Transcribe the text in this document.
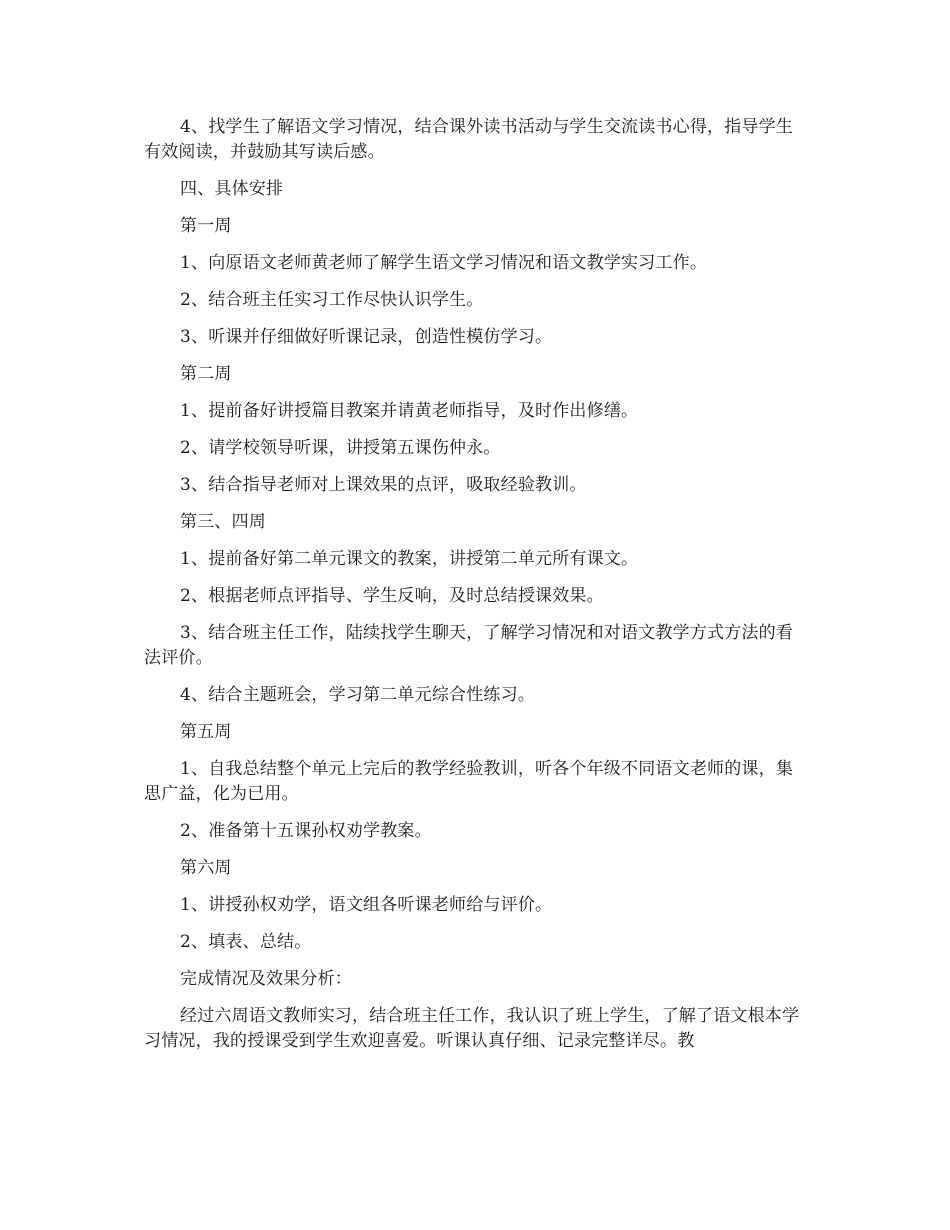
4、找学生了解语文学习情况，结合课外读书活动与学生交流读书心得，指导学生有效阅读，并鼓励其写读后感。

四、具体安排

第一周

1、向原语文老师黄老师了解学生语文学习情况和语文教学实习工作。

2、结合班主任实习工作尽快认识学生。

3、听课并仔细做好听课记录，创造性模仿学习。

第二周

1、提前备好讲授篇目教案并请黄老师指导，及时作出修缮。

2、请学校领导听课，讲授第五课伤仲永。

3、结合指导老师对上课效果的点评，吸取经验教训。

第三、四周

1、提前备好第二单元课文的教案，讲授第二单元所有课文。

2、根据老师点评指导、学生反响，及时总结授课效果。

3、结合班主任工作，陆续找学生聊天，了解学习情况和对语文教学方式方法的看法评价。

4、结合主题班会，学习第二单元综合性练习。

第五周

1、自我总结整个单元上完后的教学经验教训，听各个年级不同语文老师的课，集思广益，化为已用。

2、准备第十五课孙权劝学教案。

第六周

1、讲授孙权劝学，语文组各听课老师给与评价。

2、填表、总结。

完成情况及效果分析：

经过六周语文教师实习，结合班主任工作，我认识了班上学生，了解了语文根本学习情况，我的授课受到学生欢迎喜爱。听课认真仔细、记录完整详尽。教
